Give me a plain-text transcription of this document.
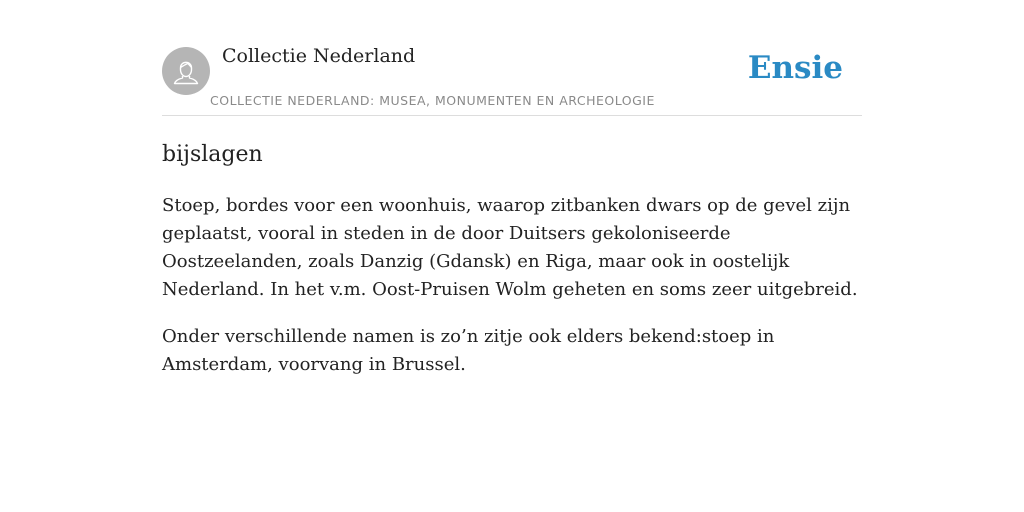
Collectie Nederland
COLLECTIE NEDERLAND: MUSEA, MONUMENTEN EN ARCHEOLOGIE
Ensie
bijslagen

Stoep, bordes voor een woonhuis, waarop zitbanken dwars op de gevel zijn geplaatst, vooral in steden in de door Duitsers gekoloniseerde Oostzeelanden, zoals Danzig (Gdansk) en Riga, maar ook in oostelijk Nederland. In het v.m. Oost-Pruisen Wolm geheten en soms zeer uitgebreid.

Onder verschillende namen is zo’n zitje ook elders bekend:stoep in Amsterdam, voorvang in Brussel.
